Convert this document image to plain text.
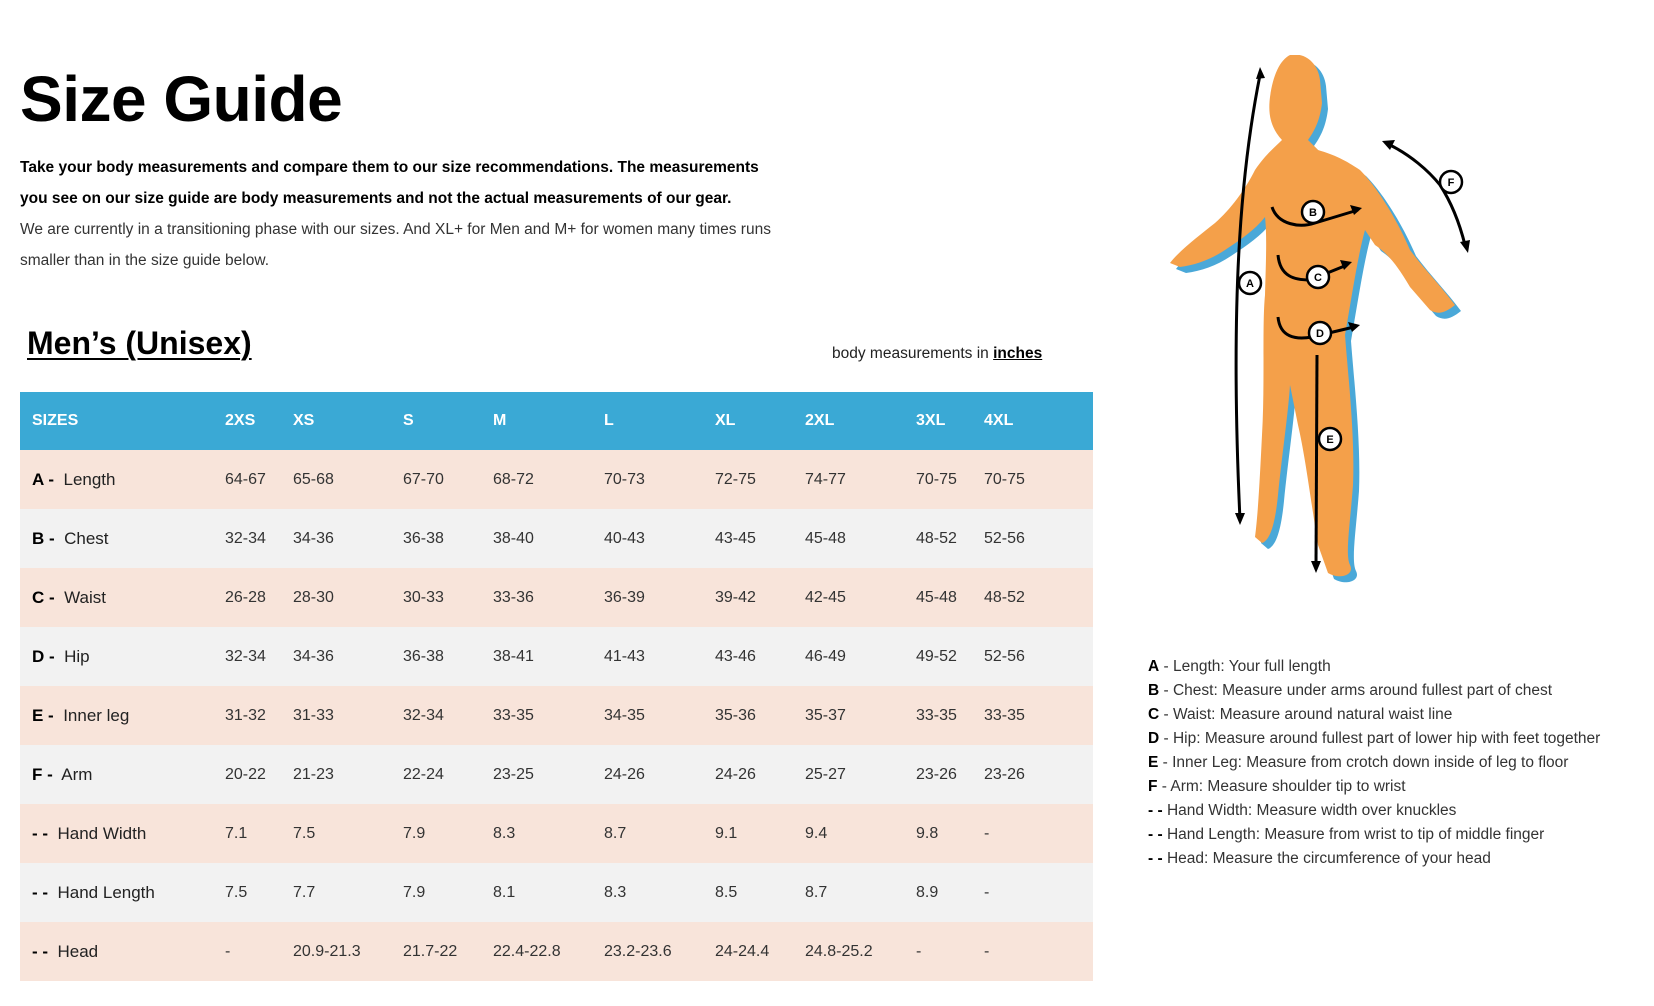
Size Guide
Take your body measurements and compare them to our size recommendations. The measurements you see on our size guide are body measurements and not the actual measurements of our gear.
We are currently in a transitioning phase with our sizes. And XL+ for Men and M+ for women many times runs smaller than in the size guide below.
Men’s (Unisex)	body measurements in inches
SIZES	2XS	XS	S	M	L	XL	2XL	3XL	4XL
A - Length	64-67	65-68	67-70	68-72	70-73	72-75	74-77	70-75	70-75
B - Chest	32-34	34-36	36-38	38-40	40-43	43-45	45-48	48-52	52-56
C - Waist	26-28	28-30	30-33	33-36	36-39	39-42	42-45	45-48	48-52
D - Hip	32-34	34-36	36-38	38-41	41-43	43-46	46-49	49-52	52-56
E - Inner leg	31-32	31-33	32-34	33-35	34-35	35-36	35-37	33-35	33-35
F - Arm	20-22	21-23	22-24	23-25	24-26	24-26	25-27	23-26	23-26
- - Hand Width	7.1	7.5	7.9	8.3	8.7	9.1	9.4	9.8	-
- - Hand Length	7.5	7.7	7.9	8.1	8.3	8.5	8.7	8.9	-
- - Head	-	20.9-21.3	21.7-22	22.4-22.8	23.2-23.6	24-24.4	24.8-25.2	-	-
A
B
C
D
E
F
A - Length: Your full length
B - Chest: Measure under arms around fullest part of chest
C - Waist: Measure around natural waist line
D - Hip: Measure around fullest part of lower hip with feet together
E - Inner Leg: Measure from crotch down inside of leg to floor
F - Arm: Measure shoulder tip to wrist
- - Hand Width: Measure width over knuckles
- - Hand Length: Measure from wrist to tip of middle finger
- - Head: Measure the circumference of your head
